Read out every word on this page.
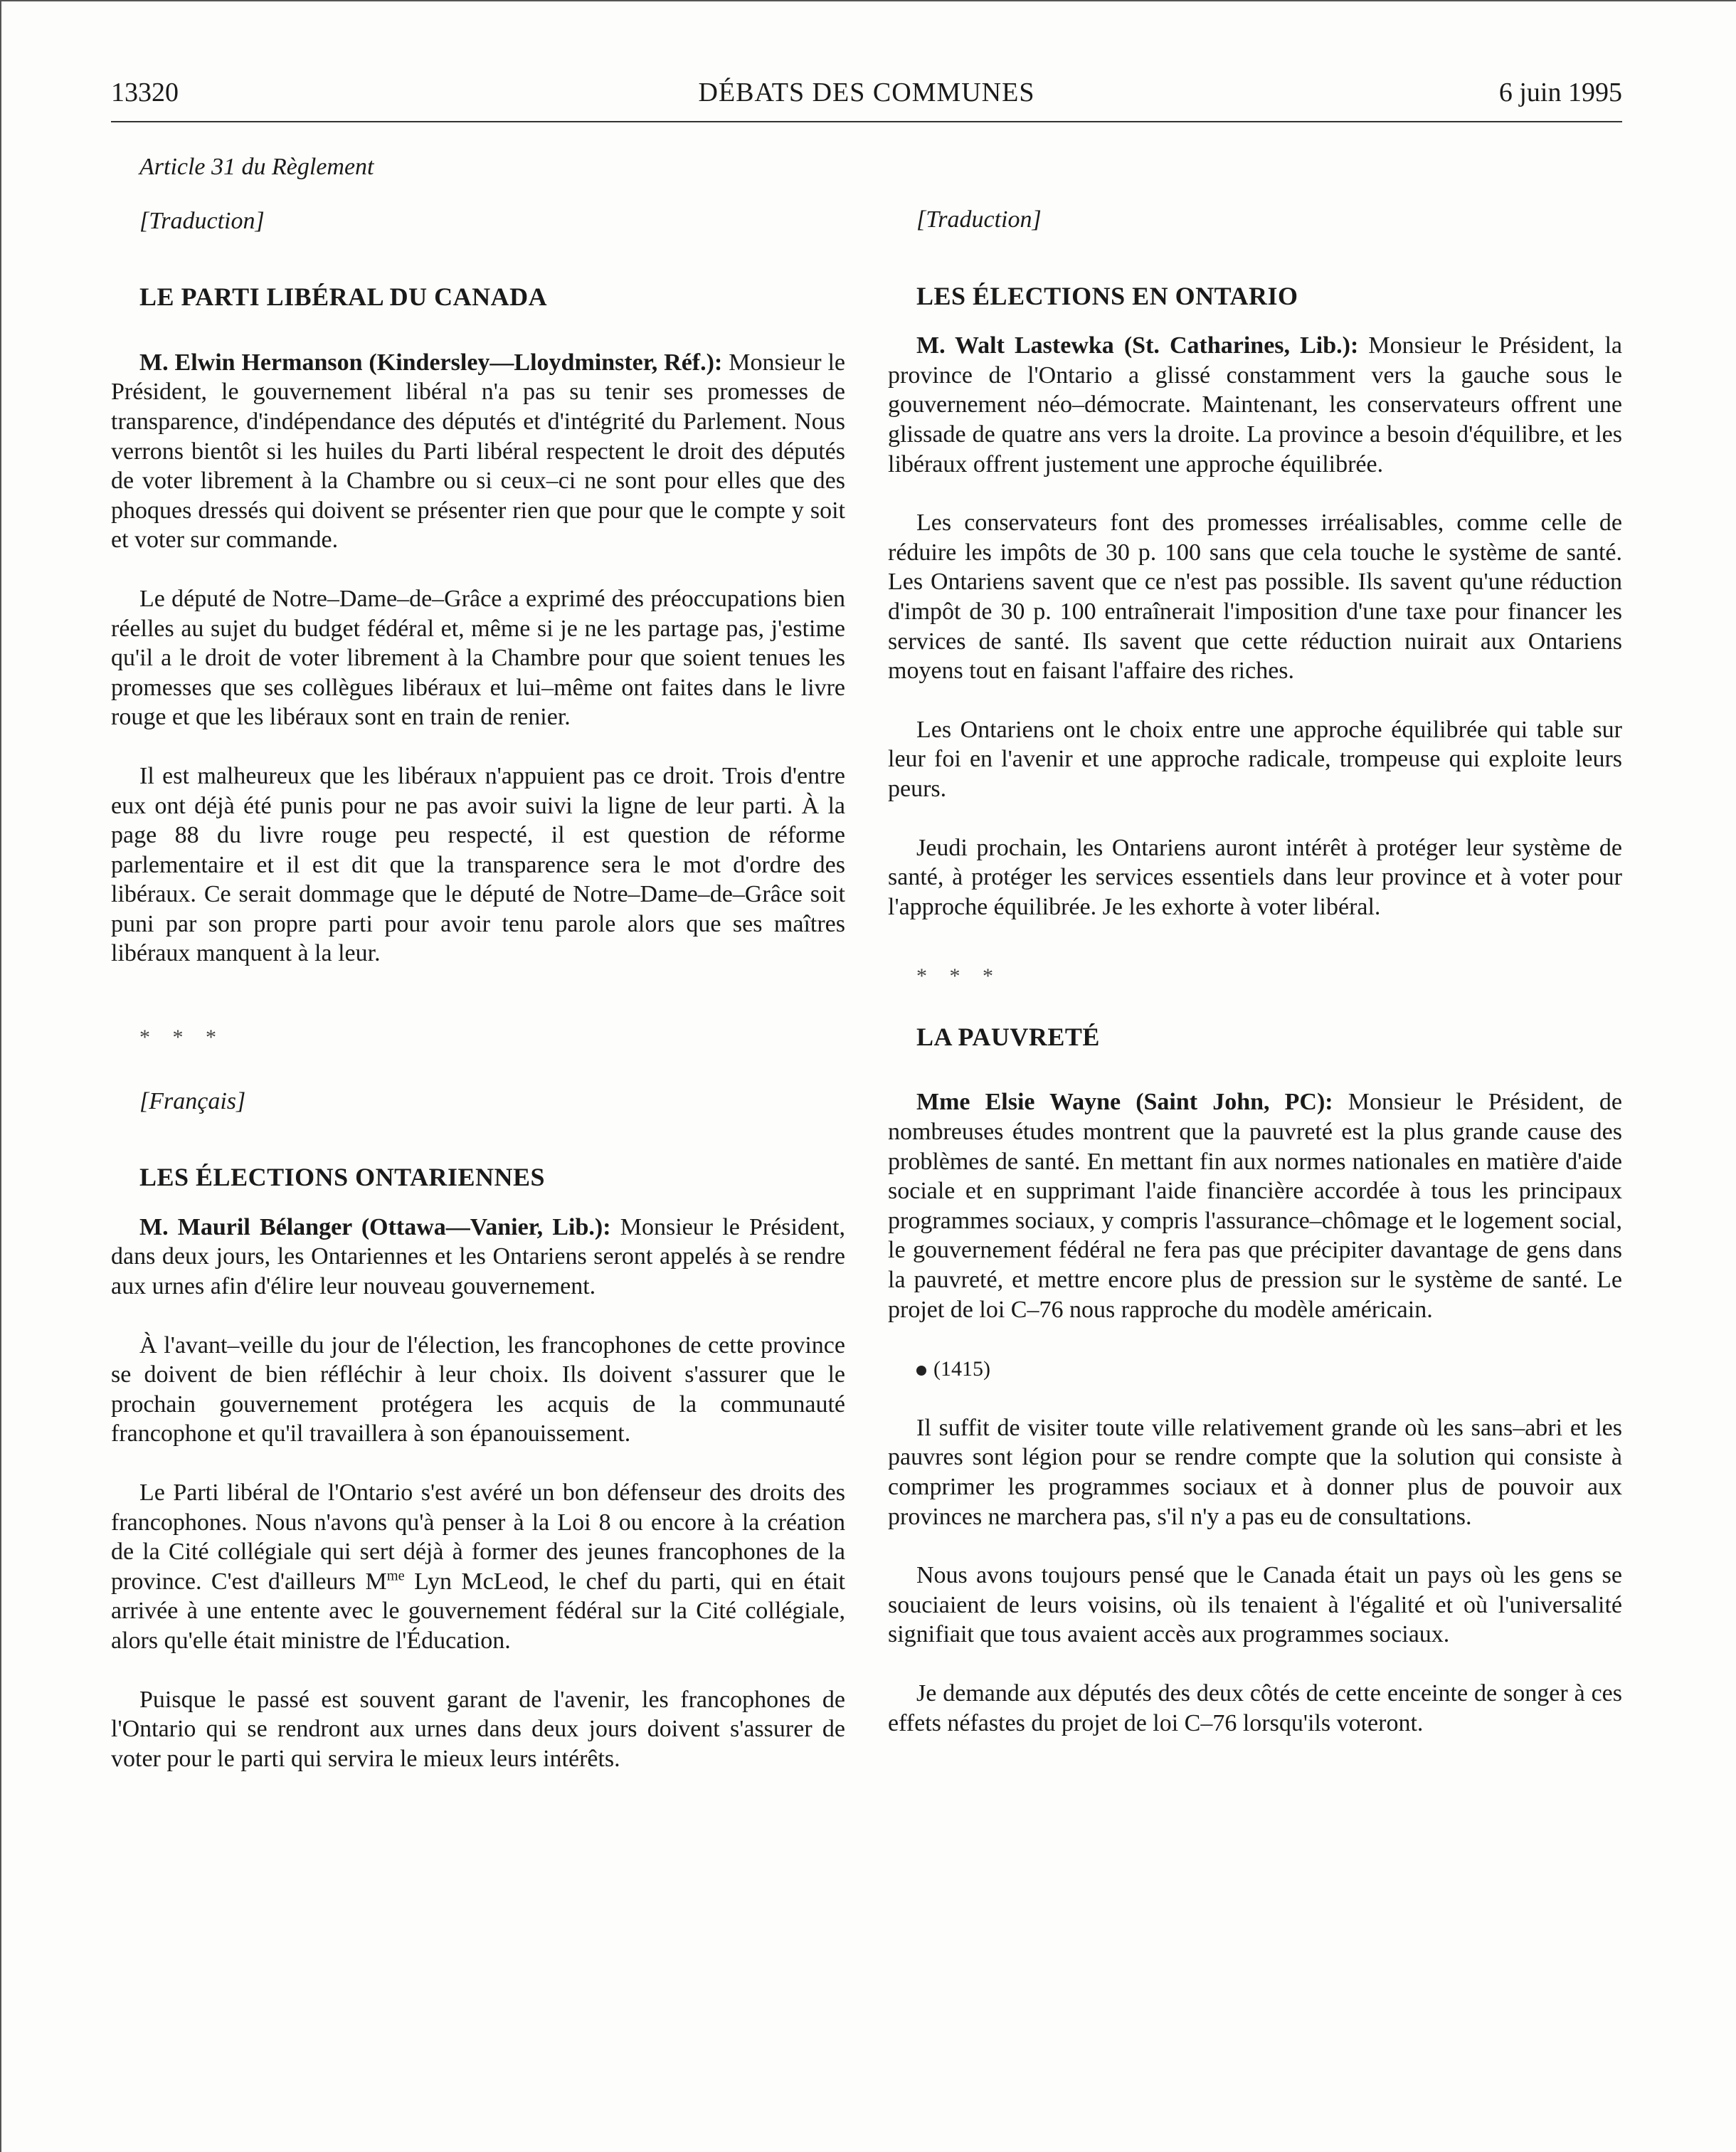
DÉBATS DES COMMUNES
13320	6 juin 1995

Article 31 du Règlement

[Traduction]

LE PARTI LIBÉRAL DU CANADA

M. Elwin Hermanson (Kindersley—Lloydminster, Réf.): Monsieur le Président, le gouvernement libéral n'a pas su tenir ses promesses de transparence, d'indépendance des députés et d'intégrité du Parlement. Nous verrons bientôt si les huiles du Parti libéral respectent le droit des députés de voter librement à la Chambre ou si ceux–ci ne sont pour elles que des phoques dressés qui doivent se présenter rien que pour que le compte y soit et voter sur commande.

Le député de Notre–Dame–de–Grâce a exprimé des préoccupations bien réelles au sujet du budget fédéral et, même si je ne les partage pas, j'estime qu'il a le droit de voter librement à la Chambre pour que soient tenues les promesses que ses collègues libéraux et lui–même ont faites dans le livre rouge et que les libéraux sont en train de renier.

Il est malheureux que les libéraux n'appuient pas ce droit. Trois d'entre eux ont déjà été punis pour ne pas avoir suivi la ligne de leur parti. À la page 88 du livre rouge peu respecté, il est question de réforme parlementaire et il est dit que la transparence sera le mot d'ordre des libéraux. Ce serait dommage que le député de Notre–Dame–de–Grâce soit puni par son propre parti pour avoir tenu parole alors que ses maîtres libéraux manquent à la leur.

* * *

[Français]

LES ÉLECTIONS ONTARIENNES

M. Mauril Bélanger (Ottawa—Vanier, Lib.): Monsieur le Président, dans deux jours, les Ontariennes et les Ontariens seront appelés à se rendre aux urnes afin d'élire leur nouveau gouvernement.

À l'avant–veille du jour de l'élection, les francophones de cette province se doivent de bien réfléchir à leur choix. Ils doivent s'assurer que le prochain gouvernement protégera les acquis de la communauté francophone et qu'il travaillera à son épanouissement.

Le Parti libéral de l'Ontario s'est avéré un bon défenseur des droits des francophones. Nous n'avons qu'à penser à la Loi 8 ou encore à la création de la Cité collégiale qui sert déjà à former des jeunes francophones de la province. C'est d'ailleurs $M^{me}$ Lyn McLeod, le chef du parti, qui en était arrivée à une entente avec le gouvernement fédéral sur la Cité collégiale, alors qu'elle était ministre de l'Éducation.

Puisque le passé est souvent garant de l'avenir, les francophones de l'Ontario qui se rendront aux urnes dans deux jours doivent s'assurer de voter pour le parti qui servira le mieux leurs intérêts.

[Traduction]

LES ÉLECTIONS EN ONTARIO

M. Walt Lastewka (St. Catharines, Lib.): Monsieur le Président, la province de l'Ontario a glissé constamment vers la gauche sous le gouvernement néo–démocrate. Maintenant, les conservateurs offrent une glissade de quatre ans vers la droite. La province a besoin d'équilibre, et les libéraux offrent justement une approche équilibrée.

Les conservateurs font des promesses irréalisables, comme celle de réduire les impôts de 30 p. 100 sans que cela touche le système de santé. Les Ontariens savent que ce n'est pas possible. Ils savent qu'une réduction d'impôt de 30 p. 100 entraînerait l'imposition d'une taxe pour financer les services de santé. Ils savent que cette réduction nuirait aux Ontariens moyens tout en faisant l'affaire des riches.

Les Ontariens ont le choix entre une approche équilibrée qui table sur leur foi en l'avenir et une approche radicale, trompeuse qui exploite leurs peurs.

Jeudi prochain, les Ontariens auront intérêt à protéger leur système de santé, à protéger les services essentiels dans leur province et à voter pour l'approche équilibrée. Je les exhorte à voter libéral.

* * *

LA PAUVRETÉ

Mme Elsie Wayne (Saint John, PC): Monsieur le Président, de nombreuses études montrent que la pauvreté est la plus grande cause des problèmes de santé. En mettant fin aux normes nationales en matière d'aide sociale et en supprimant l'aide financière accordée à tous les principaux programmes sociaux, y compris l'assurance–chômage et le logement social, le gouvernement fédéral ne fera pas que précipiter davantage de gens dans la pauvreté, et mettre encore plus de pression sur le système de santé. Le projet de loi C–76 nous rapproche du modèle américain.

(1415)

Il suffit de visiter toute ville relativement grande où les sans–abri et les pauvres sont légion pour se rendre compte que la solution qui consiste à comprimer les programmes sociaux et à donner plus de pouvoir aux provinces ne marchera pas, s'il n'y a pas eu de consultations.

Nous avons toujours pensé que le Canada était un pays où les gens se souciaient de leurs voisins, où ils tenaient à l'égalité et où l'universalité signifiait que tous avaient accès aux programmes sociaux.

Je demande aux députés des deux côtés de cette enceinte de songer à ces effets néfastes du projet de loi C–76 lorsqu'ils voteront.
